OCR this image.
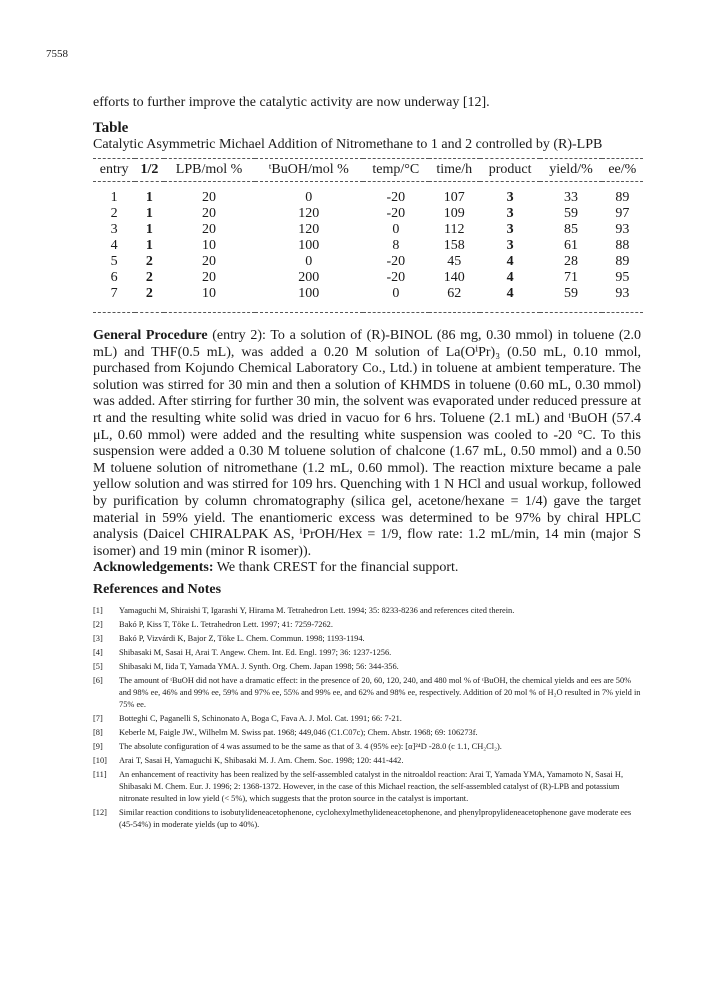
7558
efforts to further improve the catalytic activity are now underway [12].
Table
Catalytic Asymmetric Michael Addition of Nitromethane to 1 and 2 controlled by (R)-LPB
entry	1/2	LPB/mol %	ᵗBuOH/mol %	temp/°C	time/h	product	yield/%	ee/%
1	1	20	0	-20	107	3	33	89
2	1	20	120	-20	109	3	59	97
3	1	20	120	0	112	3	85	93
4	1	10	100	8	158	3	61	88
5	2	20	0	-20	45	4	28	89
6	2	20	200	-20	140	4	71	95
7	2	10	100	0	62	4	59	93
General Procedure (entry 2): To a solution of (R)-BINOL (86 mg, 0.30 mmol) in toluene (2.0 mL) and THF(0.5 mL), was added a 0.20 M solution of La(OⁱPr)₃ (0.50 mL, 0.10 mmol, purchased from Kojundo Chemical Laboratory Co., Ltd.) in toluene at ambient temperature. The solution was stirred for 30 min and then a solution of KHMDS in toluene (0.60 mL, 0.30 mmol) was added. After stirring for further 30 min, the solvent was evaporated under reduced pressure at rt and the resulting white solid was dried in vacuo for 6 hrs. Toluene (2.1 mL) and ᵗBuOH (57.4 μL, 0.60 mmol) were added and the resulting white suspension was cooled to -20 °C. To this suspension were added a 0.30 M toluene solution of chalcone (1.67 mL, 0.50 mmol) and a 0.50 M toluene solution of nitromethane (1.2 mL, 0.60 mmol). The reaction mixture became a pale yellow solution and was stirred for 109 hrs. Quenching with 1 N HCl and usual workup, followed by purification by column chromatography (silica gel, acetone/hexane = 1/4) gave the target material in 59% yield. The enantiomeric excess was determined to be 97% by chiral HPLC analysis (Daicel CHIRALPAK AS, ⁱPrOH/Hex = 1/9, flow rate: 1.2 mL/min, 14 min (major S isomer) and 19 min (minor R isomer)).
Acknowledgements: We thank CREST for the financial support.
References and Notes
[1]	Yamaguchi M, Shiraishi T, Igarashi Y, Hirama M. Tetrahedron Lett. 1994; 35: 8233-8236 and references cited therein.
[2]	Bakó P, Kiss T, Töke L. Tetrahedron Lett. 1997; 41: 7259-7262.
[3]	Bakó P, Vizvárdi K, Bajor Z, Töke L. Chem. Commun. 1998; 1193-1194.
[4]	Shibasaki M, Sasai H, Arai T. Angew. Chem. Int. Ed. Engl. 1997; 36: 1237-1256.
[5]	Shibasaki M, Iida T, Yamada YMA. J. Synth. Org. Chem. Japan 1998; 56: 344-356.
[6]	The amount of ᵗBuOH did not have a dramatic effect: in the presence of 20, 60, 120, 240, and 480 mol % of ᵗBuOH, the chemical yields and ees are 50% and 98% ee, 46% and 99% ee, 59% and 97% ee, 55% and 99% ee, and 62% and 98% ee, respectively. Addition of 20 mol % of H₂O resulted in 7% yield in 75% ee.
[7]	Botteghi C, Paganelli S, Schinonato A, Boga C, Fava A. J. Mol. Cat. 1991; 66: 7-21.
[8]	Keberle M, Faigle JW., Wilhelm M. Swiss pat. 1968; 449,046 (C1.C07c); Chem. Abstr. 1968; 69: 106273f.
[9]	The absolute configuration of 4 was assumed to be the same as that of 3. 4 (95% ee): [α]²⁴D -28.0 (c 1.1, CH₂Cl₂).
[10]	Arai T, Sasai H, Yamaguchi K, Shibasaki M. J. Am. Chem. Soc. 1998; 120: 441-442.
[11]	An enhancement of reactivity has been realized by the self-assembled catalyst in the nitroaldol reaction: Arai T, Yamada YMA, Yamamoto N, Sasai H, Shibasaki M. Chem. Eur. J. 1996; 2: 1368-1372. However, in the case of this Michael reaction, the self-assembled catalyst of (R)-LPB and potassium nitronate resulted in low yield (< 5%), which suggests that the proton source in the catalyst is important.
[12]	Similar reaction conditions to isobutylideneacetophenone, cyclohexylmethylideneacetophenone, and phenylpropylideneacetophenone gave moderate ees (45-54%) in moderate yields (up to 40%).
